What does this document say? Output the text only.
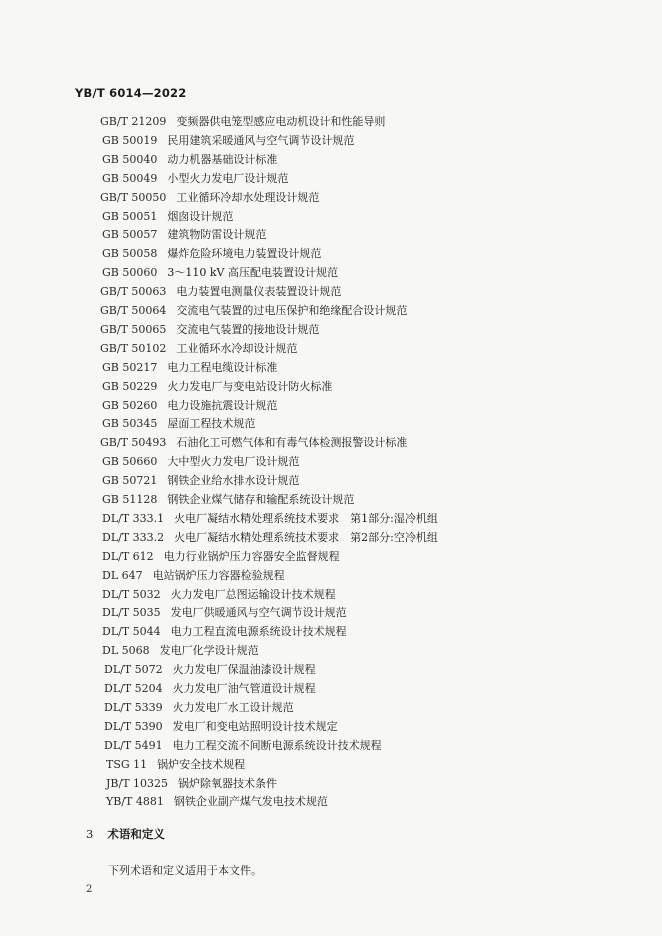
YB/T 6014—2022
GB/T 21209 变频器供电笼型感应电动机设计和性能导则
GB 50019 民用建筑采暖通风与空气调节设计规范
GB 50040 动力机器基础设计标准
GB 50049 小型火力发电厂设计规范
GB/T 50050 工业循环冷却水处理设计规范
GB 50051 烟囱设计规范
GB 50057 建筑物防雷设计规范
GB 50058 爆炸危险环境电力装置设计规范
GB 50060 3～110 kV 高压配电装置设计规范
GB/T 50063 电力装置电测量仪表装置设计规范
GB/T 50064 交流电气装置的过电压保护和绝缘配合设计规范
GB/T 50065 交流电气装置的接地设计规范
GB/T 50102 工业循环水冷却设计规范
GB 50217 电力工程电缆设计标准
GB 50229 火力发电厂与变电站设计防火标准
GB 50260 电力设施抗震设计规范
GB 50345 屋面工程技术规范
GB/T 50493 石油化工可燃气体和有毒气体检测报警设计标准
GB 50660 大中型火力发电厂设计规范
GB 50721 钢铁企业给水排水设计规范
GB 51128 钢铁企业煤气储存和输配系统设计规范
DL/T 333.1 火电厂凝结水精处理系统技术要求　第1部分:湿冷机组
DL/T 333.2 火电厂凝结水精处理系统技术要求　第2部分:空冷机组
DL/T 612 电力行业锅炉压力容器安全监督规程
DL 647 电站锅炉压力容器检验规程
DL/T 5032 火力发电厂总图运输设计技术规程
DL/T 5035 发电厂供暖通风与空气调节设计规范
DL/T 5044 电力工程直流电源系统设计技术规程
DL 5068 发电厂化学设计规范
DL/T 5072 火力发电厂保温油漆设计规程
DL/T 5204 火力发电厂油气管道设计规程
DL/T 5339 火力发电厂水工设计规范
DL/T 5390 发电厂和变电站照明设计技术规定
DL/T 5491 电力工程交流不间断电源系统设计技术规程
TSG 11 锅炉安全技术规程
JB/T 10325 锅炉除氧器技术条件
YB/T 4881 钢铁企业副产煤气发电技术规范
3 术语和定义
下列术语和定义适用于本文件。
2
